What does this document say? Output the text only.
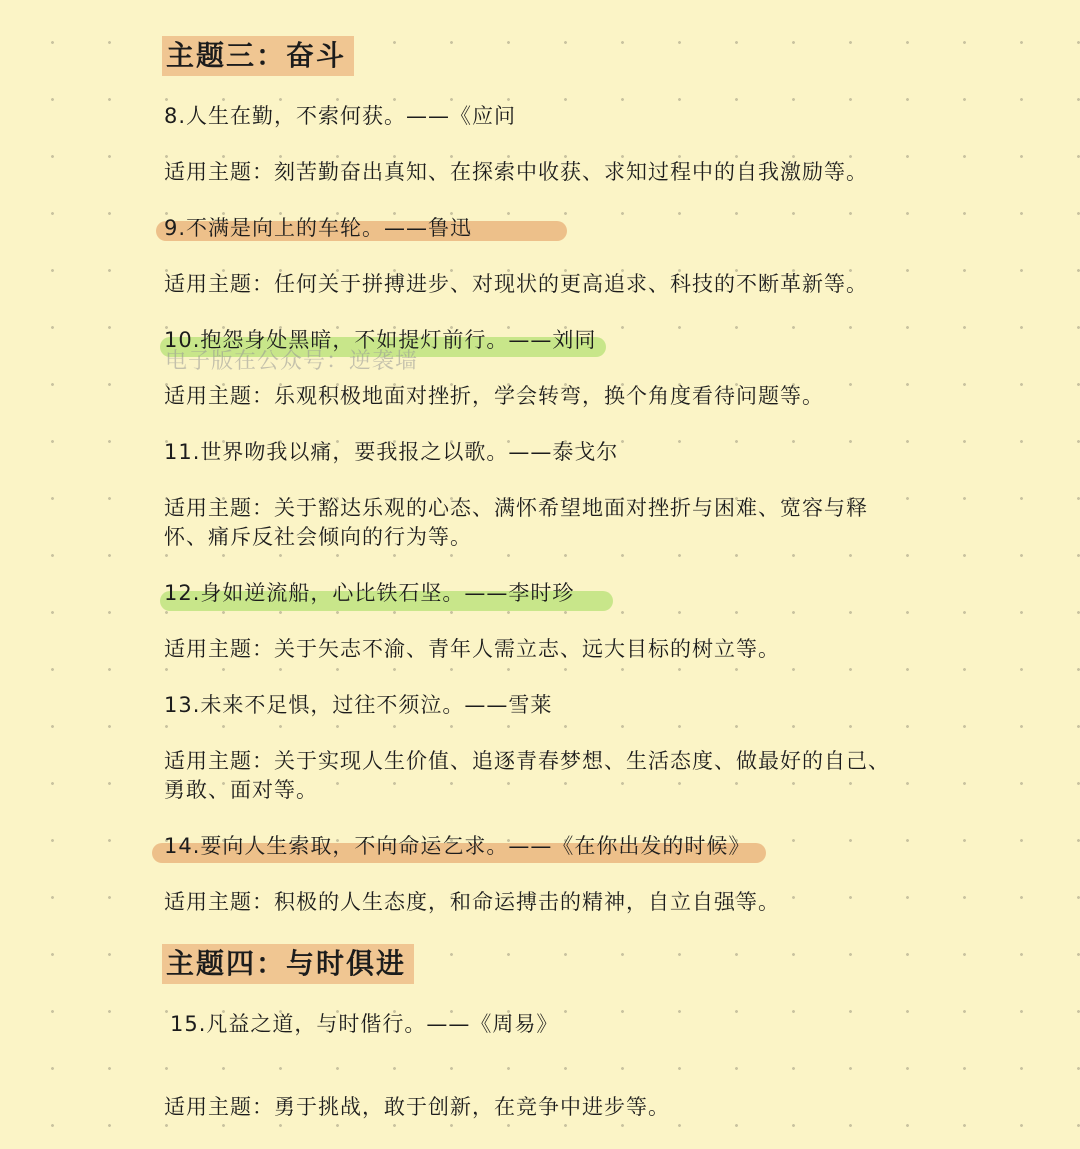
主题三：奋斗
8.人生在勤，不索何获。——《应问
适用主题：刻苦勤奋出真知、在探索中收获、求知过程中的自我激励等。
9.不满是向上的车轮。——鲁迅
适用主题：任何关于拼搏进步、对现状的更高追求、科技的不断革新等。
10.抱怨身处黑暗，不如提灯前行。——刘同
电子版在公众号：逆袭墙
适用主题：乐观积极地面对挫折，学会转弯，换个角度看待问题等。
11.世界吻我以痛，要我报之以歌。——泰戈尔
适用主题：关于豁达乐观的心态、满怀希望地面对挫折与困难、宽容与释
怀、痛斥反社会倾向的行为等。
12.身如逆流船，心比铁石坚。——李时珍
适用主题：关于矢志不渝、青年人需立志、远大目标的树立等。
13.未来不足惧，过往不须泣。——雪莱
适用主题：关于实现人生价值、追逐青春梦想、生活态度、做最好的自己、
勇敢、面对等。
14.要向人生索取，不向命运乞求。——《在你出发的时候》
适用主题：积极的人生态度，和命运搏击的精神，自立自强等。
主题四：与时俱进
15.凡益之道，与时偕行。——《周易》
适用主题：勇于挑战，敢于创新，在竞争中进步等。
